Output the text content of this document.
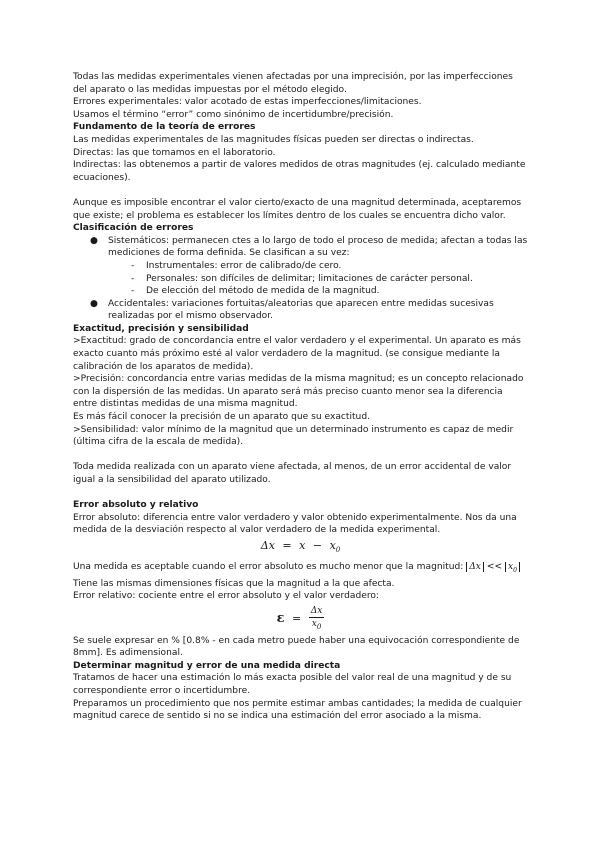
Todas las medidas experimentales vienen afectadas por una imprecisión, por las imperfecciones del aparato o las medidas impuestas por el método elegido.

Errores experimentales: valor acotado de estas imperfecciones/limitaciones.

Usamos el término “error” como sinónimo de incertidumbre/precisión.

Fundamento de la teoría de errores

Las medidas experimentales de las magnitudes físicas pueden ser directas o indirectas.

Directas: las que tomamos en el laboratorio.

Indirectas: las obtenemos a partir de valores medidos de otras magnitudes (ej. calculado mediante ecuaciones).

Aunque es imposible encontrar el valor cierto/exacto de una magnitud determinada, aceptaremos que existe; el problema es establecer los límites dentro de los cuales se encuentra dicho valor.

Clasificación de errores

● Sistemáticos: permanecen ctes a lo largo de todo el proceso de medida; afectan a todas las mediciones de forma definida. Se clasifican a su vez:
- Instrumentales: error de calibrado/de cero.
- Personales: son difíciles de delimitar; limitaciones de carácter personal.
- De elección del método de medida de la magnitud.
● Accidentales: variaciones fortuitas/aleatorias que aparecen entre medidas sucesivas realizadas por el mismo observador.

Exactitud, precisión y sensibilidad

>Exactitud: grado de concordancia entre el valor verdadero y el experimental. Un aparato es más exacto cuanto más próximo esté al valor verdadero de la magnitud. (se consigue mediante la calibración de los aparatos de medida).

>Precisión: concordancia entre varias medidas de la misma magnitud; es un concepto relacionado con la dispersión de las medidas. Un aparato será más preciso cuanto menor sea la diferencia entre distintas medidas de una misma magnitud.

Es más fácil conocer la precisión de un aparato que su exactitud.

>Sensibilidad: valor mínimo de la magnitud que un determinado instrumento es capaz de medir (última cifra de la escala de medida).

Toda medida realizada con un aparato viene afectada, al menos, de un error accidental de valor igual a la sensibilidad del aparato utilizado.

Error absoluto y relativo

Error absoluto: diferencia entre valor verdadero y valor obtenido experimentalmente. Nos da una medida de la desviación respecto al valor verdadero de la medida experimental.

$\Delta x = x - x_0$

Una medida es aceptable cuando el error absoluto es mucho menor que la magnitud: $\Delta x << x_0$

Tiene las mismas dimensiones físicas que la magnitud a la que afecta.

Error relativo: cociente entre el error absoluto y el valor verdadero:

$\varepsilon = \frac{\Delta x}{x_0}$

Se suele expresar en % [0.8% - en cada metro puede haber una equivocación correspondiente de 8mm]. Es adimensional.

Determinar magnitud y error de una medida directa

Tratamos de hacer una estimación lo más exacta posible del valor real de una magnitud y de su correspondiente error o incertidumbre.

Preparamos un procedimiento que nos permite estimar ambas cantidades; la medida de cualquier magnitud carece de sentido si no se indica una estimación del error asociado a la misma.
